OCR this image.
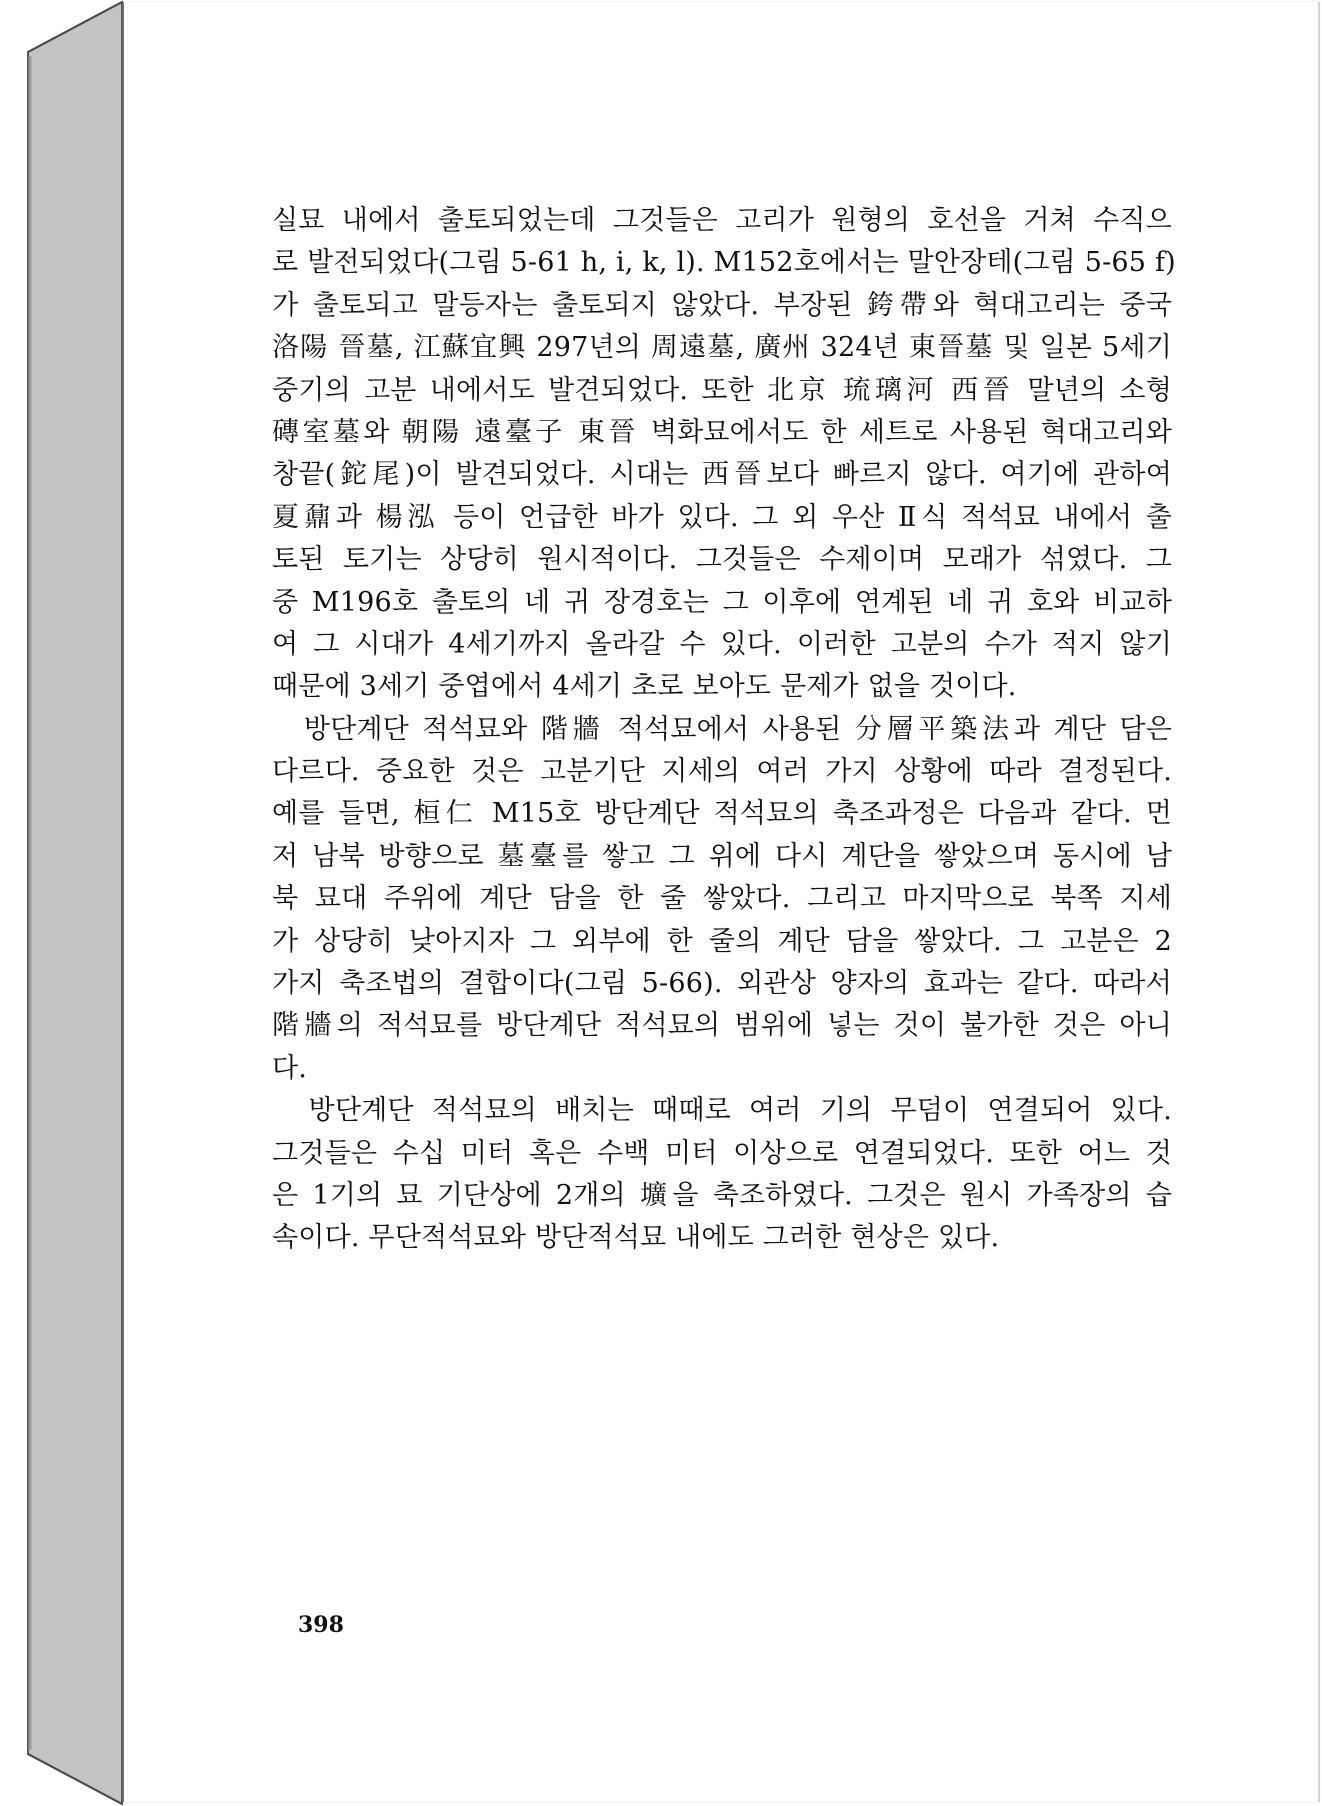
실묘 내에서 출토되었는데 그것들은 고리가 원형의 호선을 거쳐 수직으
로 발전되었다(그림 5-61 h, i, k, l). M152호에서는 말안장테(그림 5-65 f)
가 출토되고 말등자는 출토되지 않았다. 부장된 銙帶와 혁대고리는 중국
洛陽 晉墓, 江蘇宜興 297년의 周遠墓, 廣州 324년 東晉墓 및 일본 5세기
중기의 고분 내에서도 발견되었다. 또한 北京 琉璃河 西晉 말년의 소형
磚室墓와 朝陽 遠臺子 東晉 벽화묘에서도 한 세트로 사용된 혁대고리와
창끝(鉈尾)이 발견되었다. 시대는 西晉보다 빠르지 않다. 여기에 관하여
夏鼐과 楊泓 등이 언급한 바가 있다. 그 외 우산 Ⅱ식 적석묘 내에서 출
토된 토기는 상당히 원시적이다. 그것들은 수제이며 모래가 섞였다. 그
중 M196호 출토의 네 귀 장경호는 그 이후에 연계된 네 귀 호와 비교하
여 그 시대가 4세기까지 올라갈 수 있다. 이러한 고분의 수가 적지 않기
때문에 3세기 중엽에서 4세기 초로 보아도 문제가 없을 것이다.
　방단계단 적석묘와 階牆 적석묘에서 사용된 分層平築法과 계단 담은
다르다. 중요한 것은 고분기단 지세의 여러 가지 상황에 따라 결정된다.
예를 들면, 桓仁 M15호 방단계단 적석묘의 축조과정은 다음과 같다. 먼
저 남북 방향으로 墓臺를 쌓고 그 위에 다시 계단을 쌓았으며 동시에 남
북 묘대 주위에 계단 담을 한 줄 쌓았다. 그리고 마지막으로 북쪽 지세
가 상당히 낮아지자 그 외부에 한 줄의 계단 담을 쌓았다. 그 고분은 2
가지 축조법의 결합이다(그림 5-66). 외관상 양자의 효과는 같다. 따라서
階牆의 적석묘를 방단계단 적석묘의 범위에 넣는 것이 불가한 것은 아니
다.
　방단계단 적석묘의 배치는 때때로 여러 기의 무덤이 연결되어 있다.
그것들은 수십 미터 혹은 수백 미터 이상으로 연결되었다. 또한 어느 것
은 1기의 묘 기단상에 2개의 壙을 축조하였다. 그것은 원시 가족장의 습
속이다. 무단적석묘와 방단적석묘 내에도 그러한 현상은 있다.
398
